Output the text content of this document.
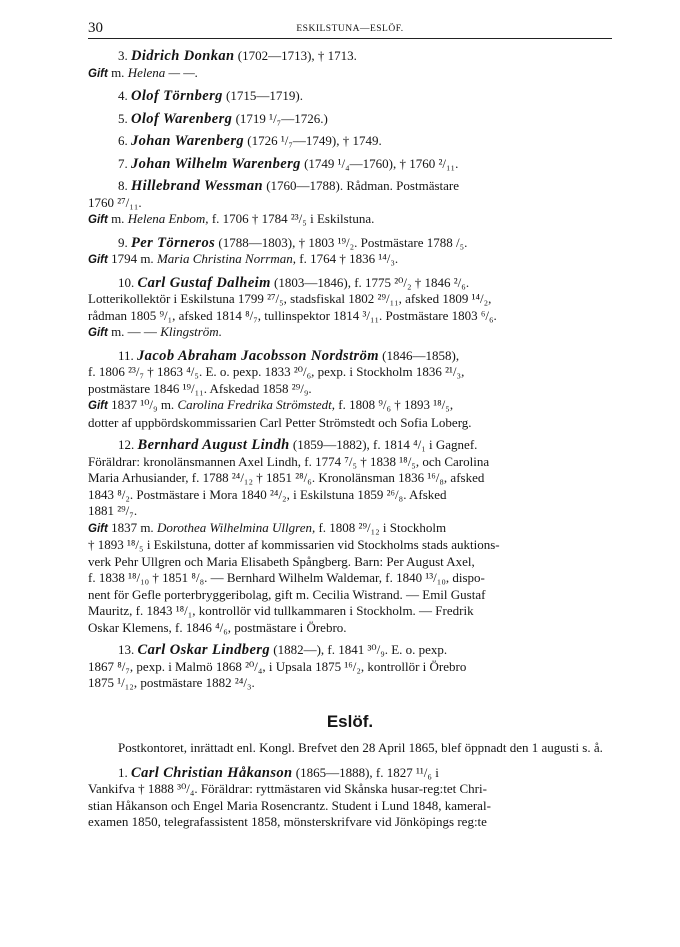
30	ESKILSTUNA—ESLÖF.
3. Didrich Donkan (1702—1713), † 1713.
Gift m. Helena — —.
4. Olof Törnberg (1715—1719).
5. Olof Warenberg (1719 ¹/₇—1726.)
6. Johan Warenberg (1726 ¹/₇—1749), † 1749.
7. Johan Wilhelm Warenberg (1749 ¹/₄—1760), † 1760 ²/₁₁.
8. Hillebrand Wessman (1760—1788). Rådman. Postmästare
1760 ²⁷/₁₁.
Gift m. Helena Enbom, f. 1706 † 1784 ²³/₅ i Eskilstuna.
9. Per Törneros (1788—1803), † 1803 ¹⁹/₂. Postmästare 1788 /₅.
Gift 1794 m. Maria Christina Norrman, f. 1764 † 1836 ¹⁴/₃.
10. Carl Gustaf Dalheim (1803—1846), f. 1775 ²⁰/₂ † 1846 ²/₆.
Lotterikollektör i Eskilstuna 1799 ²⁷/₅, stadsfiskal 1802 ²⁹/₁₁, afsked 1809 ¹⁴/₂,
rådman 1805 ⁹/₁, afsked 1814 ⁸/₇, tullinspektor 1814 ³/₁₁. Postmästare 1803 ⁶/₆.
Gift m. — — Klingström.
11. Jacob Abraham Jacobsson Nordström (1846—1858),
f. 1806 ²³/₇ † 1863 ⁴/₅. E. o. pexp. 1833 ²⁰/₆, pexp. i Stockholm 1836 ²¹/₃,
postmästare 1846 ¹⁹/₁₁. Afskedad 1858 ²⁹/₉.
Gift 1837 ¹⁰/₉ m. Carolina Fredrika Strömstedt, f. 1808 ⁹/₆ † 1893 ¹⁸/₅,
dotter af uppbördskommissarien Carl Petter Strömstedt och Sofia Loberg.
12. Bernhard August Lindh (1859—1882), f. 1814 ⁴/₁ i Gagnef.
Föräldrar: kronolänsmannen Axel Lindh, f. 1774 ⁷/₅ † 1838 ¹⁸/₅, och Carolina
Maria Arhusiander, f. 1788 ²⁴/₁₂ † 1851 ²⁸/₆. Kronolänsman 1836 ¹⁶/₈, afsked
1843 ⁸/₂. Postmästare i Mora 1840 ²⁴/₂, i Eskilstuna 1859 ²⁶/₈. Afsked
1881 ²⁹/₇.
Gift 1837 m. Dorothea Wilhelmina Ullgren, f. 1808 ²⁹/₁₂ i Stockholm
† 1893 ¹⁸/₅ i Eskilstuna, dotter af kommissarien vid Stockholms stads auktions-
verk Pehr Ullgren och Maria Elisabeth Spångberg. Barn: Per August Axel,
f. 1838 ¹⁸/₁₀ † 1851 ⁸/₈. — Bernhard Wilhelm Waldemar, f. 1840 ¹³/₁₀, dispo-
nent för Gefle porterbryggeribolag, gift m. Cecilia Wistrand. — Emil Gustaf
Mauritz, f. 1843 ¹⁸/₁, kontrollör vid tullkammaren i Stockholm. — Fredrik
Oskar Klemens, f. 1846 ⁴/₆, postmästare i Örebro.
13. Carl Oskar Lindberg (1882—), f. 1841 ³⁰/₉. E. o. pexp.
1867 ⁸/₇, pexp. i Malmö 1868 ²⁰/₄, i Upsala 1875 ¹⁶/₂, kontrollör i Örebro
1875 ¹/₁₂, postmästare 1882 ²⁴/₃.
Eslöf.

Postkontoret, inrättadt enl. Kongl. Brefvet den 28 April 1865, blef öppnadt den 1 augusti s. å.

1. Carl Christian Håkanson (1865—1888), f. 1827 ¹¹/₆ i
Vankifva † 1888 ³⁰/₄. Föräldrar: ryttmästaren vid Skånska husar-reg:tet Chri-
stian Håkanson och Engel Maria Rosencrantz. Student i Lund 1848, kameral-
examen 1850, telegrafassistent 1858, mönsterskrifvare vid Jönköpings reg:te
